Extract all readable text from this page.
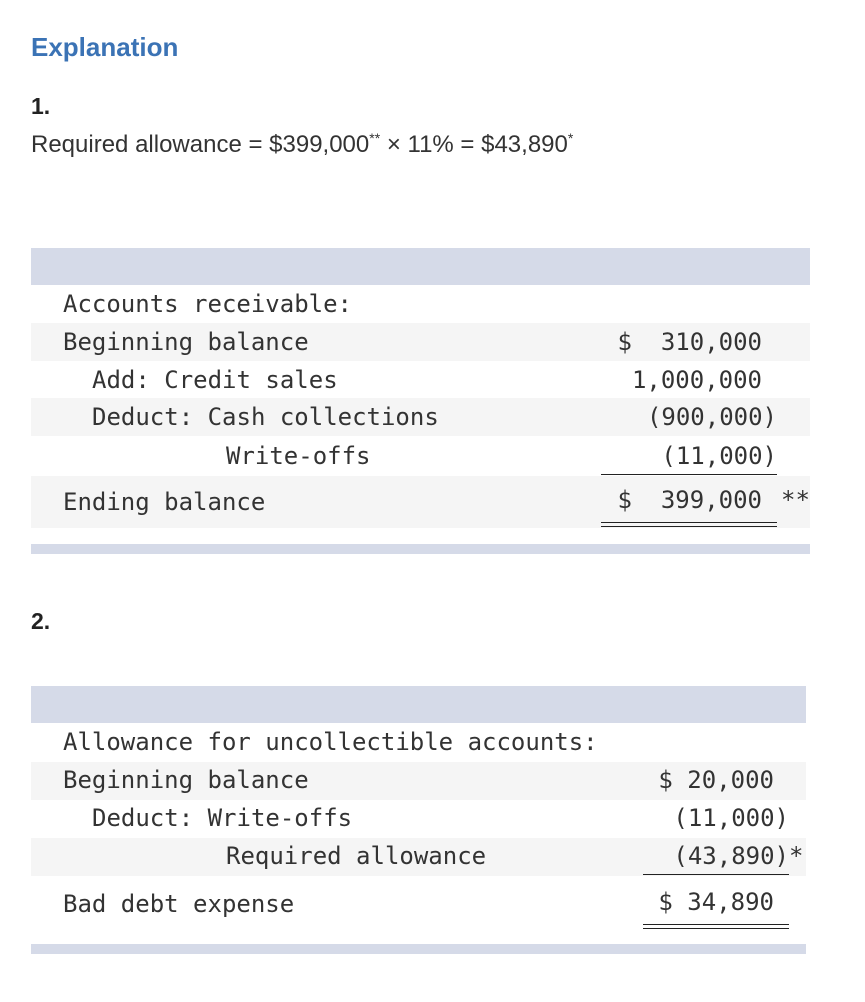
Explanation
1.
Required allowance = $399,000** × 11% = $43,890*
Accounts receivable:
Beginning balance	$  310,000
Add: Credit sales	1,000,000
Deduct: Cash collections	(900,000)
Write-offs	(11,000)
Ending balance	$  399,000 **
2.
Allowance for uncollectible accounts:
Beginning balance	$ 20,000
Deduct: Write-offs	(11,000)
Required allowance	(43,890) *
Bad debt expense	$ 34,890
